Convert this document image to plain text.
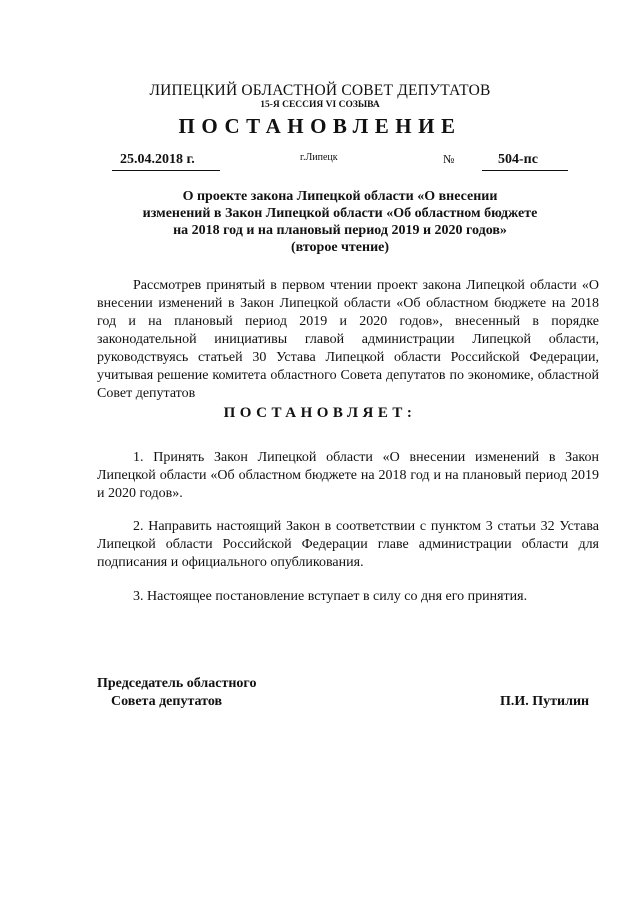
ЛИПЕЦКИЙ ОБЛАСТНОЙ СОВЕТ ДЕПУТАТОВ
15-Я СЕССИЯ VI СОЗЫВА
ПОСТАНОВЛЕНИЕ
25.04.2018 г.	г.Липецк	№	504-пс
О проекте закона Липецкой области «О внесении
изменений в Закон Липецкой области «Об областном бюджете
на 2018 год и на плановый период 2019 и 2020 годов»
(второе чтение)
Рассмотрев принятый в первом чтении проект закона Липецкой области «О внесении изменений в Закон Липецкой области «Об областном бюджете на 2018 год и на плановый период 2019 и 2020 годов», внесенный в порядке законодательной инициативы главой администрации Липецкой области, руководствуясь статьей 30 Устава Липецкой области Российской Федерации, учитывая решение комитета областного Совета депутатов по экономике, областной Совет депутатов
ПОСТАНОВЛЯЕТ:
1. Принять Закон Липецкой области «О внесении изменений в Закон Липецкой области «Об областном бюджете на 2018 год и на плановый период 2019 и 2020 годов».
2. Направить настоящий Закон в соответствии с пунктом 3 статьи 32 Устава Липецкой области Российской Федерации главе администрации области для подписания и официального опубликования.
3. Настоящее постановление вступает в силу со дня его принятия.
Председатель областного
Совета депутатов	П.И. Путилин
